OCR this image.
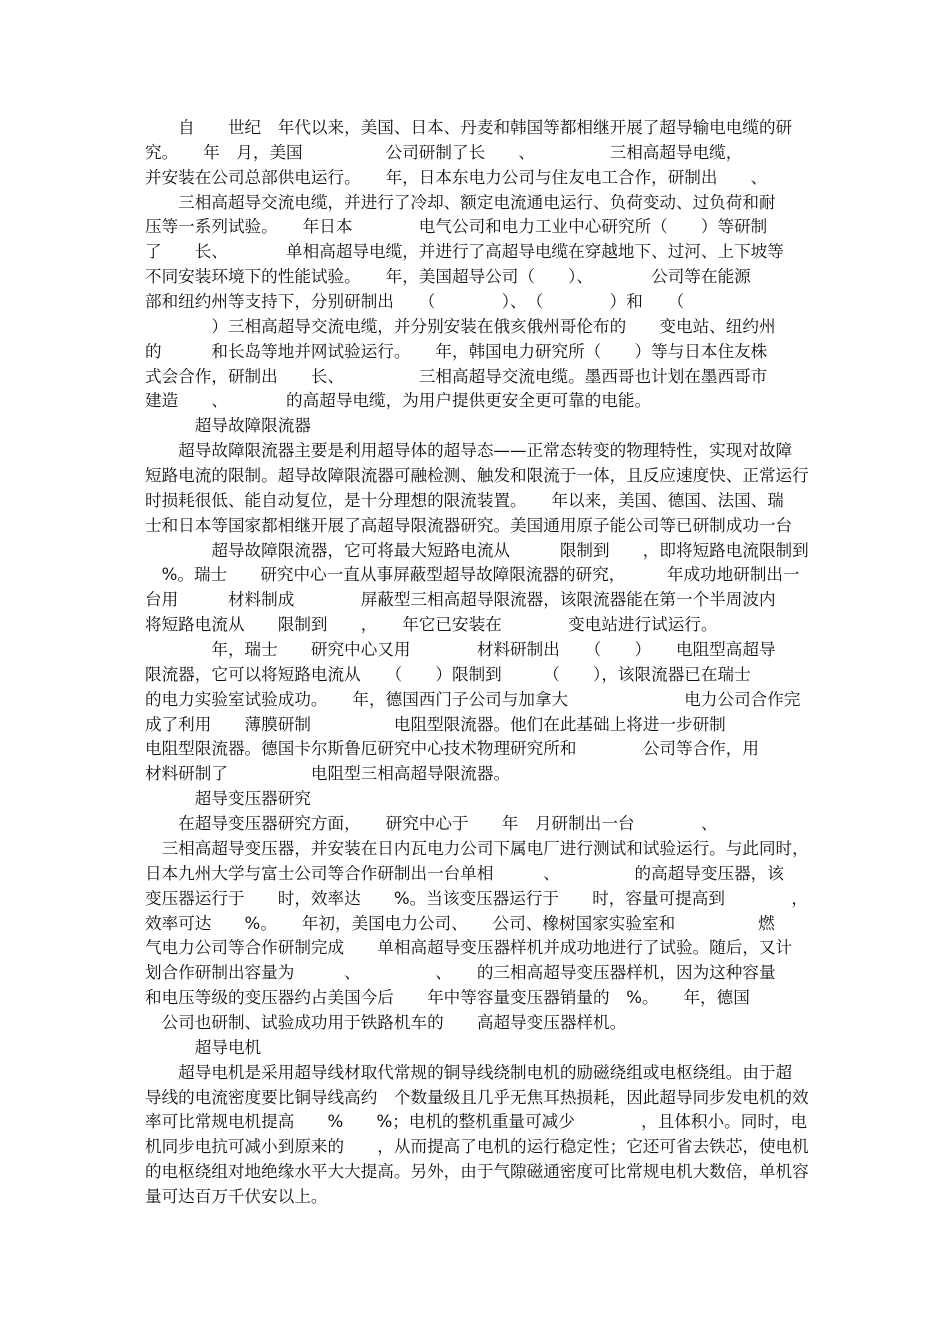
　　自　　世纪　年代以来，美国、日本、丹麦和韩国等都相继开展了超导输电电缆的研
究。　　年　月，美国　　　　　公司研制了长　　、　　　　　三相高超导电缆，
并安装在公司总部供电运行。　　年，日本东电力公司与住友电工合作，研制出　　、
　　三相高超导交流电缆，并进行了冷却、额定电流通电运行、负荷变动、过负荷和耐
压等一系列试验。　　年日本　　　　电气公司和电力工业中心研究所（　　）等研制
了　　长、　　　　单相高超导电缆，并进行了高超导电缆在穿越地下、过河、上下坡等
不同安装环境下的性能试验。　　年，美国超导公司（　　）、　　　　公司等在能源
部和纽约州等支持下，分别研制出　　（　　　　）、　（　　　　）和　　（
　　　　）三相高超导交流电缆，并分别安装在俄亥俄州哥伦布的　　变电站、纽约州
的　　　和长岛等地并网试验运行。　　年，韩国电力研究所（　　）等与日本住友株
式会合作，研制出　　长、　　　　　三相高超导交流电缆。墨西哥也计划在墨西哥市
建造　　、　　　　的高超导电缆，为用户提供更安全更可靠的电能。
　　　超导故障限流器
　　超导故障限流器主要是利用超导体的超导态——正常态转变的物理特性，实现对故障
短路电流的限制。超导故障限流器可融检测、触发和限流于一体，且反应速度快、正常运行
时损耗很低、能自动复位，是十分理想的限流装置。　　年以来，美国、德国、法国、瑞
士和日本等国家都相继开展了高超导限流器研究。美国通用原子能公司等已研制成功一台
　　　　超导故障限流器，它可将最大短路电流从　　　限制到　　，即将短路电流限制到
　%。瑞士　　研究中心一直从事屏蔽型超导故障限流器的研究，　　　年成功地研制出一
台用　　　材料制成　　　　屏蔽型三相高超导限流器，该限流器能在第一个半周波内
将短路电流从　　限制到　　，　　年它已安装在　　　　变电站进行试运行。
　　　　年，瑞士　　研究中心又用　　　　材料研制出　　（　　）　　电阻型高超导
限流器，它可以将短路电流从　　（　　）限制到　　　（　　），该限流器已在瑞士
的电力实验室试验成功。　　年，德国西门子公司与加拿大　　　　　　　电力公司合作完
成了利用　　薄膜研制　　　　　电阻型限流器。他们在此基础上将进一步研制
电阻型限流器。德国卡尔斯鲁厄研究中心技术物理研究所和　　　　公司等合作，用
材料研制了　　　　　电阻型三相高超导限流器。
　　　超导变压器研究
　　在超导变压器研究方面，　　研究中心于　　年　月研制出一台　　　　、
　三相高超导变压器，并安装在日内瓦电力公司下属电厂进行测试和试验运行。与此同时，
日本九州大学与富士公司等合作研制出一台单相　　　、　　　　　的高超导变压器，该
变压器运行于　　时，效率达　　%。当该变压器运行于　　时，容量可提高到　　　　，
效率可达　　%。　　年初，美国电力公司、　　公司、橡树国家实验室和　　　　　燃
气电力公司等合作研制完成　　单相高超导变压器样机并成功地进行了试验。随后，又计
划合作研制出容量为　　　、　　　　　、　　的三相高超导变压器样机，因为这种容量
和电压等级的变压器约占美国今后　　年中等容量变压器销量的　%。　　年，德国
　公司也研制、试验成功用于铁路机车的　　高超导变压器样机。
　　　超导电机
　　超导电机是采用超导线材取代常规的铜导线绕制电机的励磁绕组或电枢绕组。由于超
导线的电流密度要比铜导线高约　个数量级且几乎无焦耳热损耗，因此超导同步发电机的效
率可比常规电机提高　　%　　%；电机的整机重量可减少　　　　，且体积小。同时，电
机同步电抗可减小到原来的　　，从而提高了电机的运行稳定性；它还可省去铁芯，使电机
的电枢绕组对地绝缘水平大大提高。另外，由于气隙磁通密度可比常规电机大数倍，单机容
量可达百万千伏安以上。
